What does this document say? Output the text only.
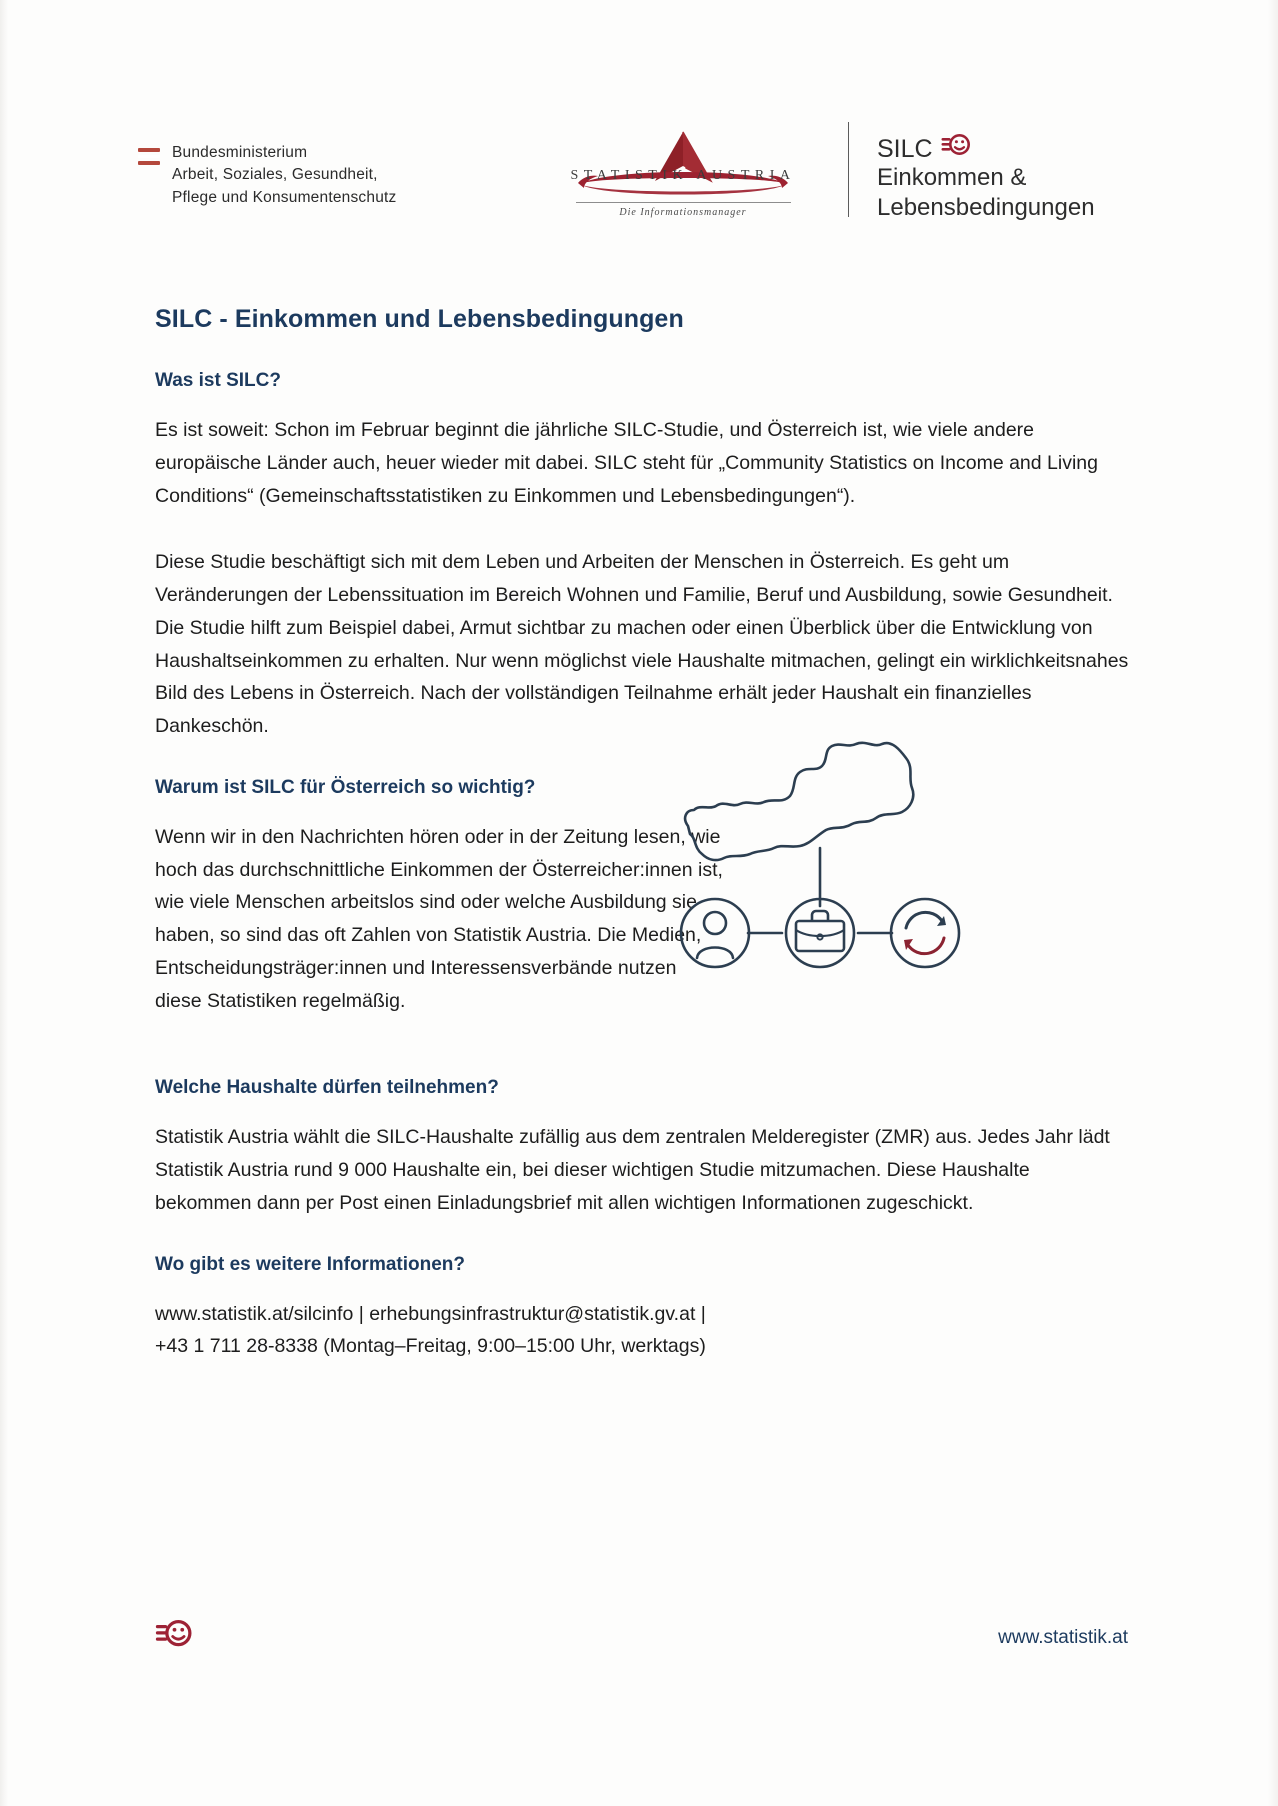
Bundesministerium
Arbeit, Soziales, Gesundheit,
Pflege und Konsumentenschutz
STATISTIK AUSTRIA
Die Informationsmanager
SILC
Einkommen &
Lebensbedingungen
SILC - Einkommen und Lebensbedingungen
Was ist SILC?

Es ist soweit: Schon im Februar beginnt die jährliche SILC-Studie, und Österreich ist, wie viele andere europäische Länder auch, heuer wieder mit dabei. SILC steht für „Community Statistics on Income and Living Conditions“ (Gemeinschaftsstatistiken zu Einkommen und Lebensbedingungen“).

Diese Studie beschäftigt sich mit dem Leben und Arbeiten der Menschen in Österreich. Es geht um Veränderungen der Lebenssituation im Bereich Wohnen und Familie, Beruf und Ausbildung, sowie Gesundheit. Die Studie hilft zum Beispiel dabei, Armut sichtbar zu machen oder einen Überblick über die Entwicklung von Haushaltseinkommen zu erhalten. Nur wenn möglichst viele Haushalte mitmachen, gelingt ein wirklichkeitsnahes Bild des Lebens in Österreich. Nach der vollständigen Teilnahme erhält jeder Haushalt ein finanzielles Dankeschön.

Warum ist SILC für Österreich so wichtig?

Wenn wir in den Nachrichten hören oder in der Zeitung lesen, wie hoch das durchschnittliche Einkommen der Österreicher:innen ist, wie viele Menschen arbeitslos sind oder welche Ausbildung sie haben, so sind das oft Zahlen von Statistik Austria. Die Medien, Entscheidungsträger:innen und Interessensverbände nutzen diese Statistiken regelmäßig.

Welche Haushalte dürfen teilnehmen?

Statistik Austria wählt die SILC-Haushalte zufällig aus dem zentralen Melderegister (ZMR) aus. Jedes Jahr lädt Statistik Austria rund 9 000 Haushalte ein, bei dieser wichtigen Studie mitzumachen. Diese Haushalte bekommen dann per Post einen Einladungsbrief mit allen wichtigen Informationen zugeschickt.

Wo gibt es weitere Informationen?

www.statistik.at/silcinfo | erhebungsinfrastruktur@statistik.gv.at |

+43 1 711 28-8338 (Montag–Freitag, 9:00–15:00 Uhr, werktags)

www.statistik.at
